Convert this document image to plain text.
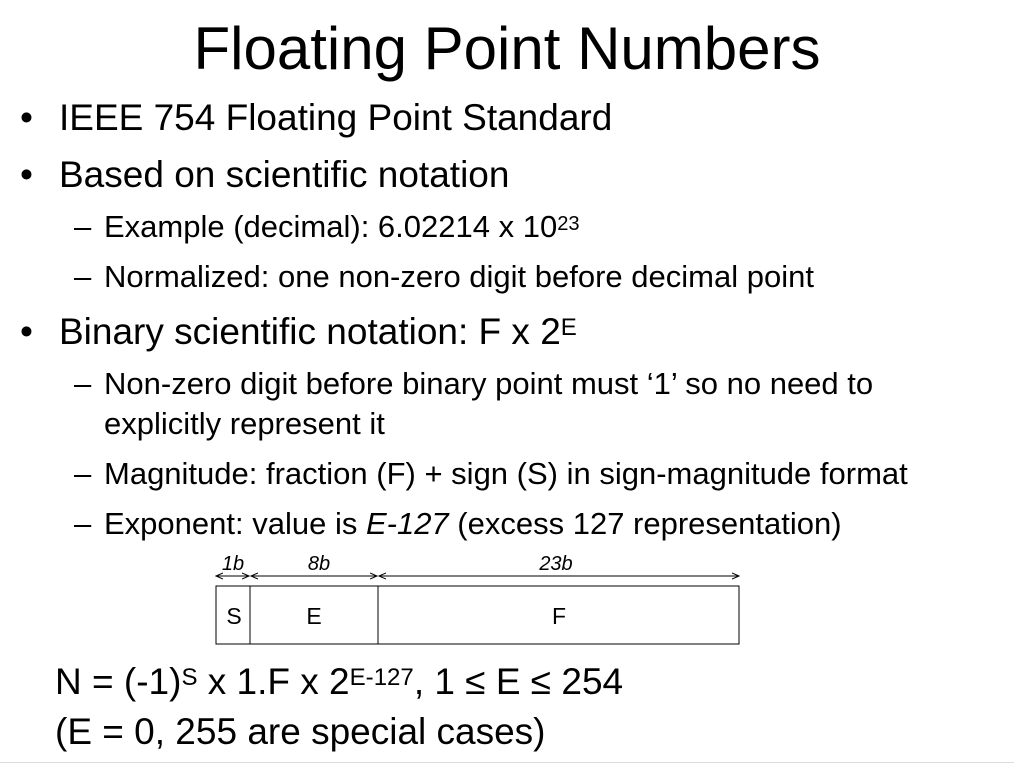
Floating Point Numbers
• IEEE 754 Floating Point Standard
• Based on scientific notation
– Example (decimal): 6.02214 x $10^{23}$
– Normalized: one non-zero digit before decimal point
• Binary scientific notation: F x $2^E$
– Non-zero digit before binary point must ‘1’ so no need to
explicitly represent it
– Magnitude: fraction (F) + sign (S) in sign-magnitude format
– Exponent: value is E-127 (excess 127 representation)
1b	8b	23b
S	E	F
$N = (-1)^S$ x 1.F x $2^{E-127}$, 1 ≤ E ≤ 254
(E = 0, 255 are special cases)
